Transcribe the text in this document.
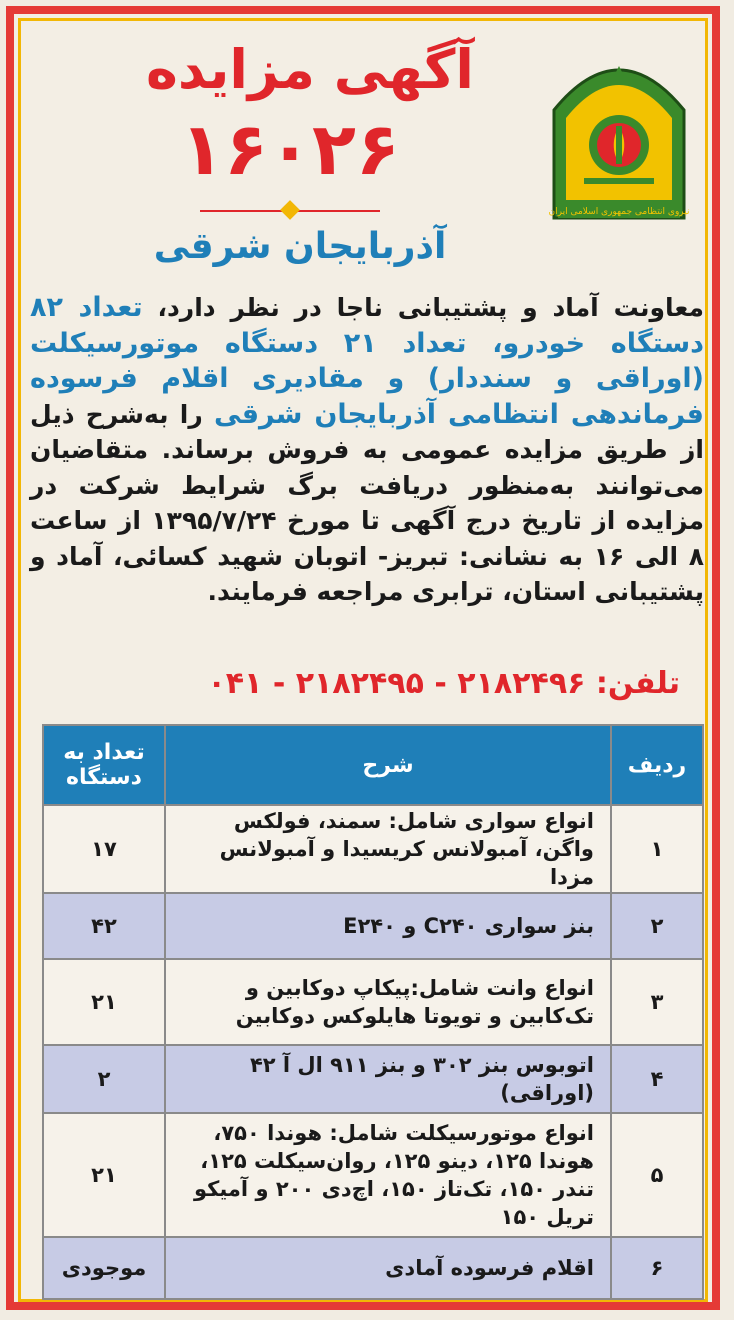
نیروی انتظامی جمهوری اسلامی ایران
آگهی مزایده
۱۶۰۲۶
آذربایجان شرقی
معاونت آماد و پشتیبانی ناجا در نظر دارد، تعداد ۸۲ دستگاه خودرو، تعداد ۲۱ دستگاه موتورسیکلت (اوراقی و سنددار) و مقادیری اقلام فرسوده فرماندهی انتظامی آذربایجان شرقی را به‌شرح ذیل از طریق مزایده عمومی به فروش برساند. متقاضیان می‌توانند به‌منظور دریافت برگ شرایط شرکت در مزایده از تاریخ درج آگهی تا مورخ ۱۳۹۵/۷/۲۴ از ساعت ۸ الی ۱۶ به نشانی: تبریز- اتوبان شهید کسائی، آماد و پشتیبانی استان، ترابری مراجعه فرمایند.
تلفن: ۲۱۸۲۴۹۶ - ۲۱۸۲۴۹۵ - ۰۴۱
ردیف	شرح	تعداد به دستگاه
۱	انواع سواری شامل: سمند، فولکس واگن، آمبولانس کریسیدا و آمبولانس مزدا	۱۷
۲	بنز سواری C۲۴۰ و E۲۴۰	۴۲
۳	انواع وانت شامل:پیکاپ دوکابین و تک‌کابین و تویوتا هایلوکس دوکابین	۲۱
۴	اتوبوس بنز ۳۰۲ و بنز ۹۱۱ ال آ ۴۲ (اوراقی)	۲
۵	انواع موتورسیکلت شامل: هوندا ۷۵۰، هوندا ۱۲۵، دینو ۱۲۵، روان‌سیکلت ۱۲۵، تندر ۱۵۰، تک‌تاز ۱۵۰، اچ‌دی ۲۰۰ و آمیکو تریل ۱۵۰	۲۱
۶	اقلام فرسوده آمادی	موجودی
